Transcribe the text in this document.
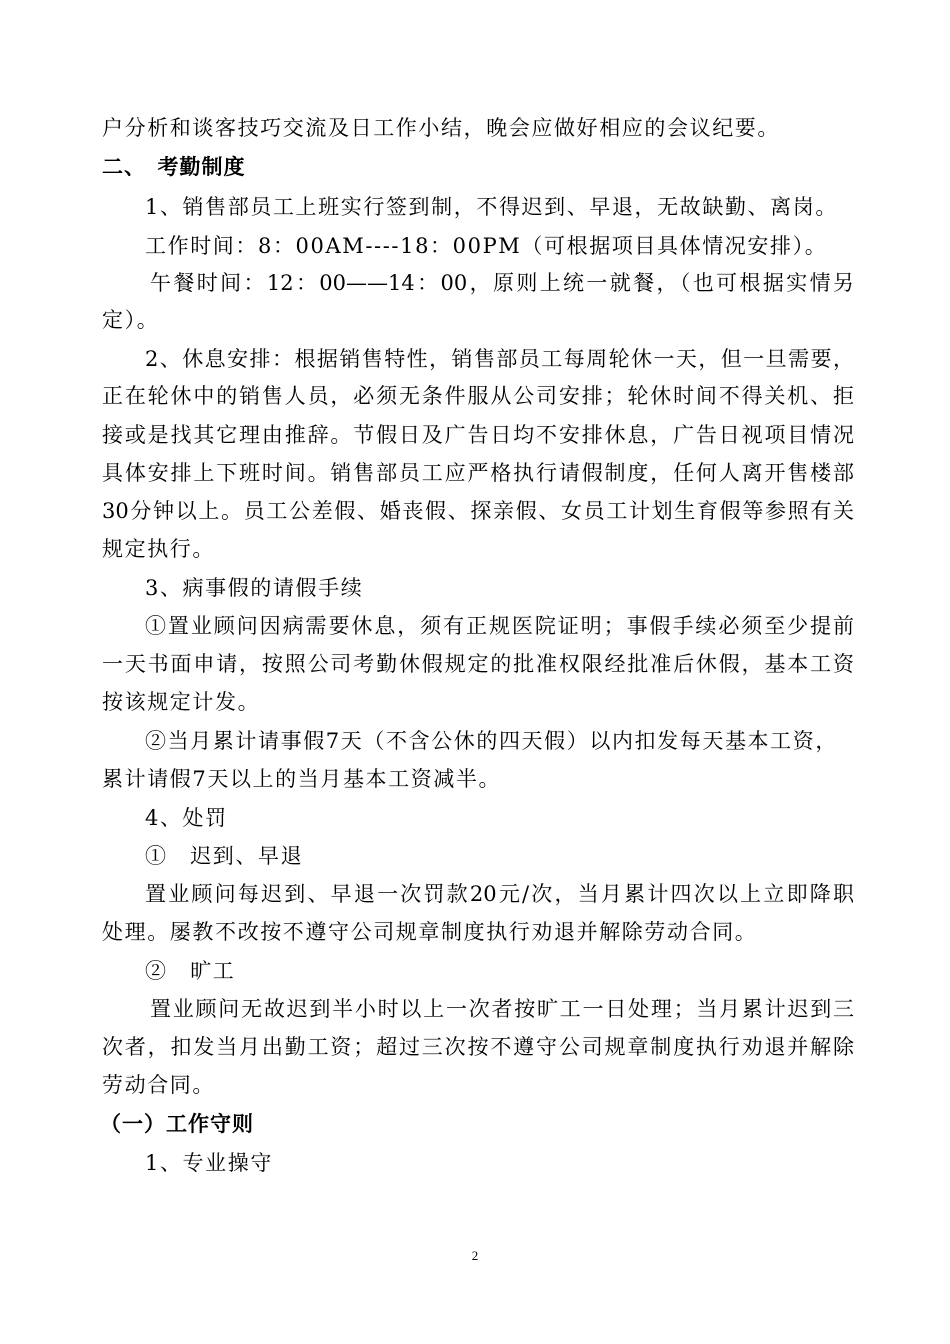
户分析和谈客技巧交流及日工作小结，晚会应做好相应的会议纪要。
二、　考勤制度
1、销售部员工上班实行签到制，不得迟到、早退，无故缺勤、离岗。
工作时间：8：00AM----18：00PM（可根据项目具体情况安排）。
午餐时间：12：00——14：00，原则上统一就餐，（也可根据实情另
定）。
2、休息安排：根据销售特性，销售部员工每周轮休一天，但一旦需要，
正在轮休中的销售人员，必须无条件服从公司安排；轮休时间不得关机、拒
接或是找其它理由推辞。节假日及广告日均不安排休息，广告日视项目情况
具体安排上下班时间。销售部员工应严格执行请假制度，任何人离开售楼部
30分钟以上。员工公差假、婚丧假、探亲假、女员工计划生育假等参照有关
规定执行。
3、病事假的请假手续
①置业顾问因病需要休息，须有正规医院证明；事假手续必须至少提前
一天书面申请，按照公司考勤休假规定的批准权限经批准后休假，基本工资
按该规定计发。
②当月累计请事假7天（不含公休的四天假）以内扣发每天基本工资，
累计请假7天以上的当月基本工资减半。
4、处罚
①　迟到、早退
置业顾问每迟到、早退一次罚款20元/次，当月累计四次以上立即降职
处理。屡教不改按不遵守公司规章制度执行劝退并解除劳动合同。
②　旷工
置业顾问无故迟到半小时以上一次者按旷工一日处理；当月累计迟到三
次者，扣发当月出勤工资；超过三次按不遵守公司规章制度执行劝退并解除
劳动合同。
（一）工作守则
1、专业操守
2
